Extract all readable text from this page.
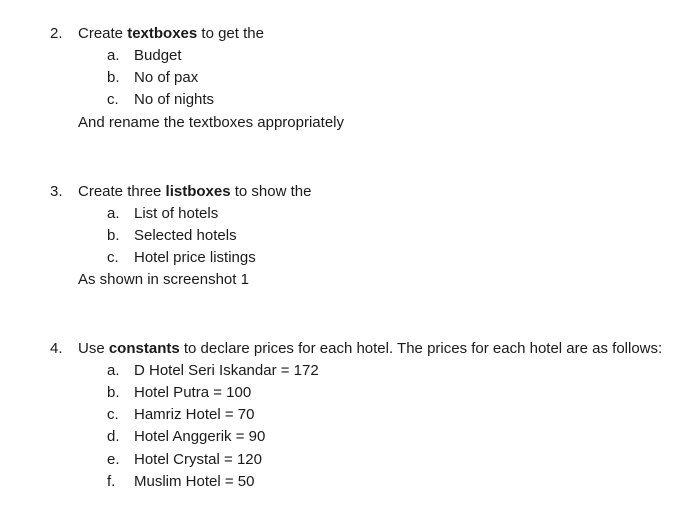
2. Create textboxes to get the
a. Budget
b. No of pax
c.	No of nights
And rename the textboxes appropriately
3. Create three listboxes to show the
a. List of hotels
b. Selected hotels
c.	Hotel price listings
As shown in screenshot 1
4. Use constants to declare prices for each hotel. The prices for each hotel are as follows:
a. D Hotel Seri Iskandar = 172
b. Hotel Putra = 100
c.	Hamriz Hotel = 70
d. Hotel Anggerik = 90
e. Hotel Crystal = 120
f.	Muslim Hotel = 50
